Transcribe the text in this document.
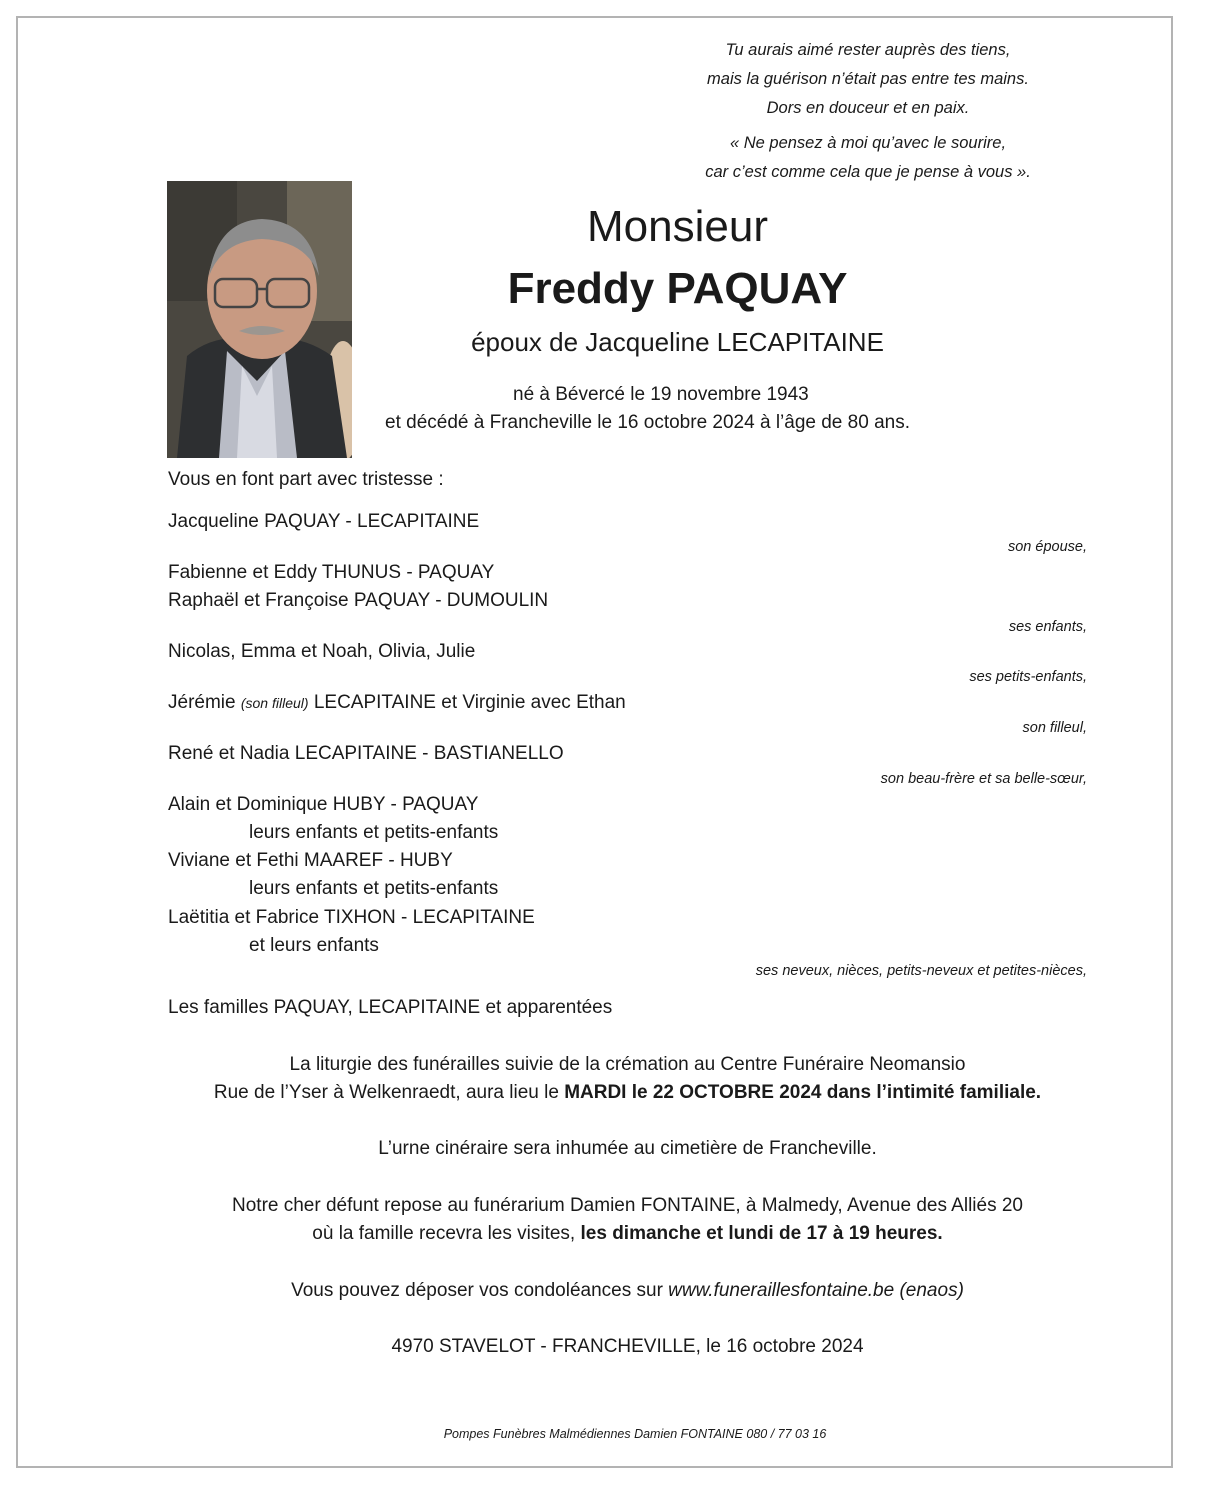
Tu aurais aimé rester auprès des tiens,
mais la guérison n’était pas entre tes mains.
Dors en douceur et en paix.
« Ne pensez à moi qu’avec le sourire,
car c’est comme cela que je pense à vous ».
Monsieur
Freddy PAQUAY
époux de Jacqueline LECAPITAINE
né à Bévercé le 19 novembre 1943
et décédé à Francheville le 16 octobre 2024 à l’âge de 80 ans.
Vous en font part avec tristesse :
Jacqueline PAQUAY - LECAPITAINE
son épouse,
Fabienne et Eddy THUNUS - PAQUAY
Raphaël et Françoise PAQUAY - DUMOULIN
ses enfants,
Nicolas, Emma et Noah, Olivia, Julie
ses petits-enfants,
Jérémie (son filleul) LECAPITAINE et Virginie avec Ethan
son filleul,
René et Nadia LECAPITAINE - BASTIANELLO
son beau-frère et sa belle-sœur,
Alain et Dominique HUBY - PAQUAY
leurs enfants et petits-enfants
Viviane et Fethi MAAREF - HUBY
leurs enfants et petits-enfants
Laëtitia et Fabrice TIXHON - LECAPITAINE
et leurs enfants
ses neveux, nièces, petits-neveux et petites-nièces,
Les familles PAQUAY, LECAPITAINE et apparentées
La liturgie des funérailles suivie de la crémation au Centre Funéraire Neomansio
Rue de l’Yser à Welkenraedt, aura lieu le MARDI le 22 OCTOBRE 2024 dans l’intimité familiale.
L’urne cinéraire sera inhumée au cimetière de Francheville.
Notre cher défunt repose au funérarium Damien FONTAINE, à Malmedy, Avenue des Alliés 20
où la famille recevra les visites, les dimanche et lundi de 17 à 19 heures.
Vous pouvez déposer vos condoléances sur www.funerailles​fontaine.be (enaos)
4970 STAVELOT - FRANCHEVILLE, le 16 octobre 2024
Pompes Funèbres Malmédiennes Damien FONTAINE 080 / 77 03 16
